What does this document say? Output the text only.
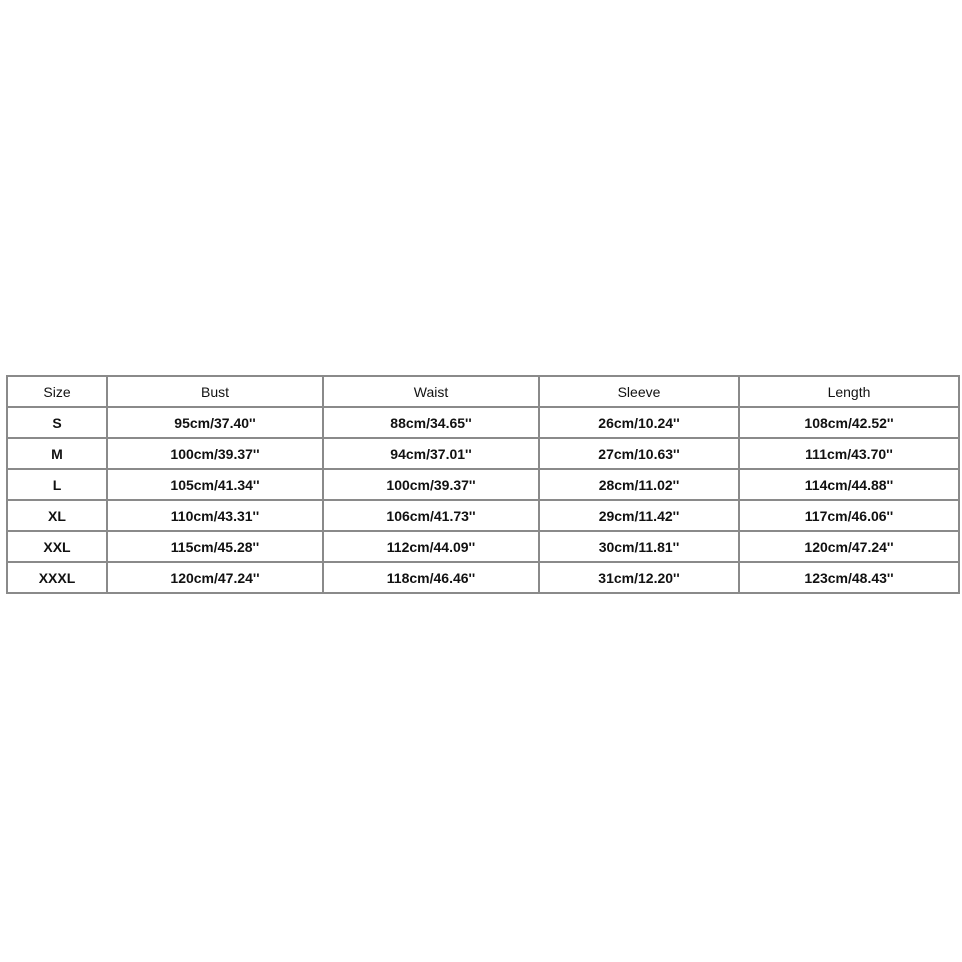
Size	Bust	Waist	Sleeve	Length
S	95cm/37.40''	88cm/34.65''	26cm/10.24''	108cm/42.52''
M	100cm/39.37''	94cm/37.01''	27cm/10.63''	111cm/43.70''
L	105cm/41.34''	100cm/39.37''	28cm/11.02''	114cm/44.88''
XL	110cm/43.31''	106cm/41.73''	29cm/11.42''	117cm/46.06''
XXL	115cm/45.28''	112cm/44.09''	30cm/11.81''	120cm/47.24''
XXXL	120cm/47.24''	118cm/46.46''	31cm/12.20''	123cm/48.43''
